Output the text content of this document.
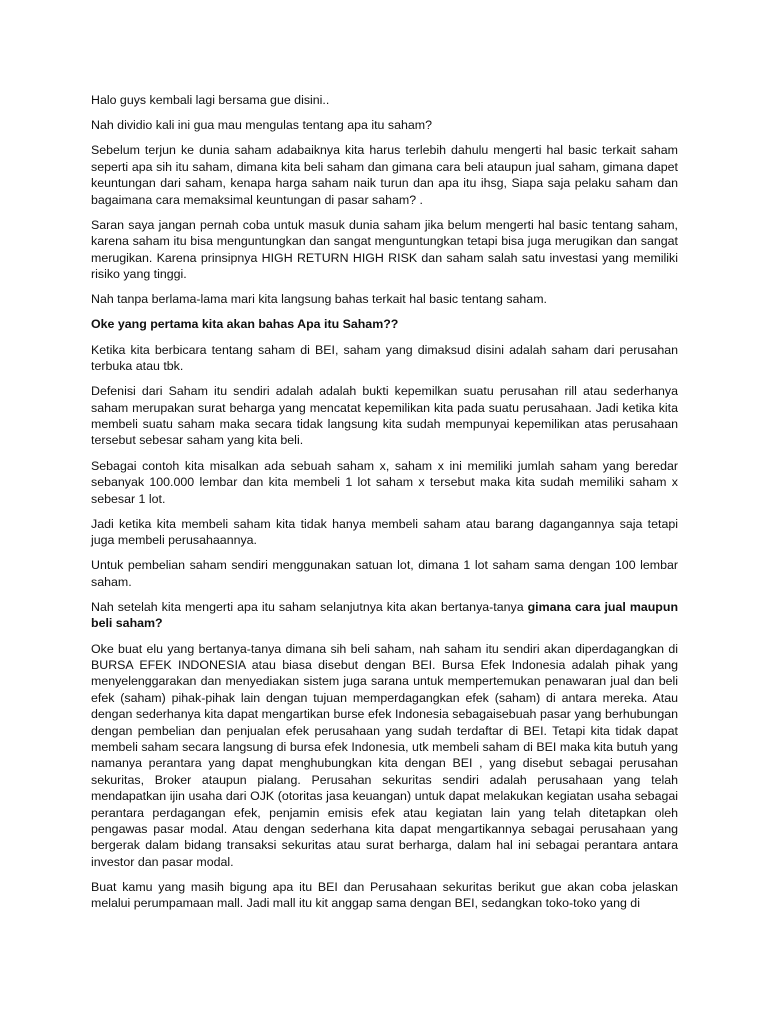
Halo guys kembali lagi bersama gue disini..

Nah dividio kali ini gua mau mengulas tentang apa itu saham?

Sebelum terjun ke dunia saham adabaiknya kita harus terlebih dahulu mengerti hal basic terkait saham seperti apa sih itu saham, dimana kita beli saham dan gimana cara beli ataupun jual saham, gimana dapet keuntungan dari saham, kenapa harga saham naik turun dan apa itu ihsg, Siapa saja pelaku saham dan bagaimana cara memaksimal keuntungan di pasar saham? .

Saran saya jangan pernah coba untuk masuk dunia saham jika belum mengerti hal basic tentang saham, karena saham itu bisa menguntungkan dan sangat menguntungkan tetapi bisa juga merugikan dan sangat merugikan. Karena prinsipnya HIGH RETURN HIGH RISK dan saham salah satu investasi yang memiliki risiko yang tinggi.

Nah tanpa berlama-lama mari kita langsung bahas terkait hal basic tentang saham.

Oke yang pertama kita akan bahas Apa itu Saham??

Ketika kita berbicara tentang saham di BEI, saham yang dimaksud disini adalah saham dari perusahan terbuka atau tbk.

Defenisi dari Saham itu sendiri adalah adalah bukti kepemilkan suatu perusahan rill atau sederhanya saham merupakan surat beharga yang mencatat kepemilikan kita pada suatu perusahaan. Jadi ketika kita membeli suatu saham maka secara tidak langsung kita sudah mempunyai kepemilikan atas perusahaan tersebut sebesar saham yang kita beli.

Sebagai contoh kita misalkan ada sebuah saham x, saham x ini memiliki jumlah saham yang beredar sebanyak 100.000 lembar dan kita membeli 1 lot saham x tersebut maka kita sudah memiliki saham x sebesar 1 lot.

Jadi ketika kita membeli saham kita tidak hanya membeli saham atau barang dagangannya saja tetapi juga membeli perusahaannya.

Untuk pembelian saham sendiri menggunakan satuan lot, dimana 1 lot saham sama dengan 100 lembar saham.

Nah setelah kita mengerti apa itu saham selanjutnya kita akan bertanya-tanya gimana cara jual maupun beli saham?

Oke buat elu yang bertanya-tanya dimana sih beli saham, nah saham itu sendiri akan diperdagangkan di BURSA EFEK INDONESIA atau biasa disebut dengan BEI. Bursa Efek Indonesia adalah pihak yang menyelenggarakan dan menyediakan sistem juga sarana untuk mempertemukan penawaran jual dan beli efek (saham) pihak-pihak lain dengan tujuan memperdagangkan efek (saham) di antara mereka. Atau dengan sederhanya kita dapat mengartikan burse efek Indonesia sebagaisebuah pasar yang berhubungan dengan pembelian dan penjualan efek perusahaan yang sudah terdaftar di BEI. Tetapi kita tidak dapat membeli saham secara langsung di bursa efek Indonesia, utk membeli saham di BEI maka kita butuh yang namanya perantara yang dapat menghubungkan kita dengan BEI , yang disebut sebagai perusahan sekuritas, Broker ataupun pialang. Perusahan sekuritas sendiri adalah perusahaan yang telah mendapatkan ijin usaha dari OJK (otoritas jasa keuangan) untuk dapat melakukan kegiatan usaha sebagai perantara perdagangan efek, penjamin emisis efek atau kegiatan lain yang telah ditetapkan oleh pengawas pasar modal. Atau dengan sederhana kita dapat mengartikannya sebagai perusahaan yang bergerak dalam bidang transaksi sekuritas atau surat berharga, dalam hal ini sebagai perantara antara investor dan pasar modal.

Buat kamu yang masih bigung apa itu BEI dan Perusahaan sekuritas berikut gue akan coba jelaskan melalui perumpamaan mall. Jadi mall itu kit anggap sama dengan BEI, sedangkan toko-toko yang di
